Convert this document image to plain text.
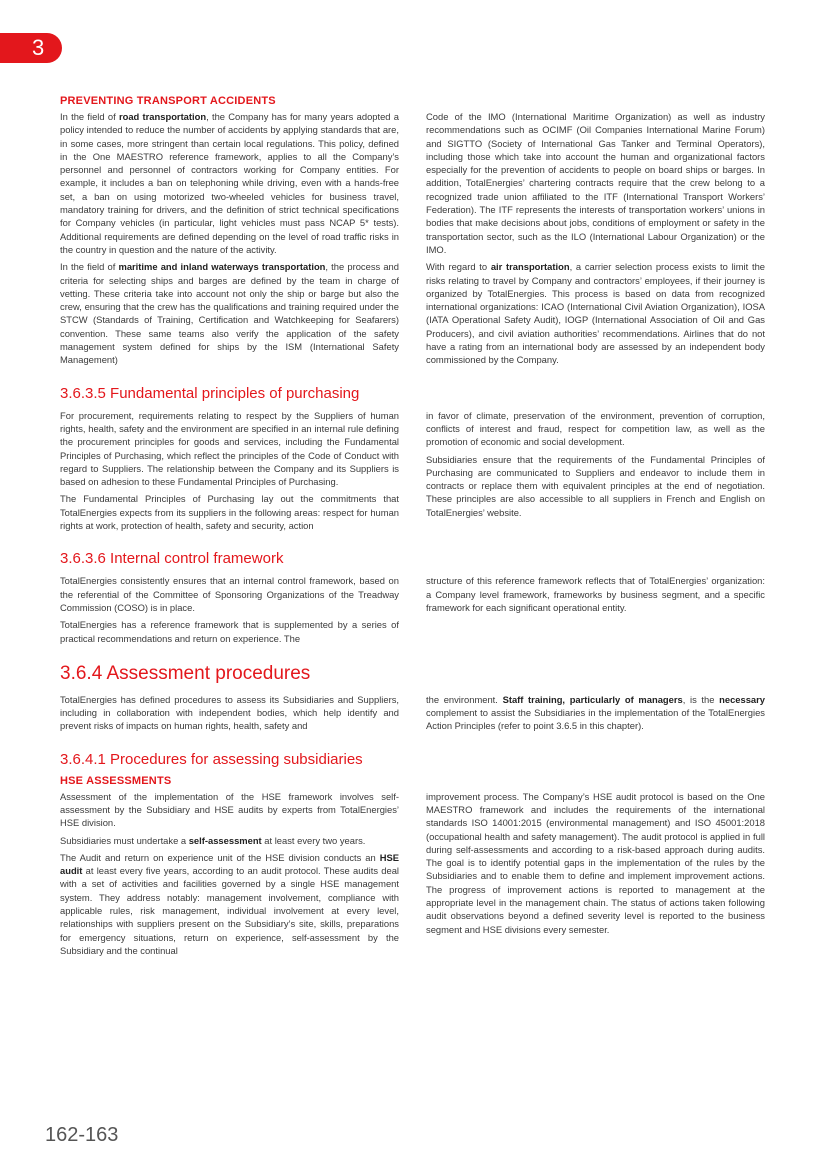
3
PREVENTING TRANSPORT ACCIDENTS

In the field of road transportation, the Company has for many years adopted a policy intended to reduce the number of accidents by applying standards that are, in some cases, more stringent than certain local regulations. This policy, defined in the One MAESTRO reference framework, applies to all the Company’s personnel and personnel of contractors working for Company entities. For example, it includes a ban on telephoning while driving, even with a hands-free set, a ban on using motorized two-wheeled vehicles for business travel, mandatory training for drivers, and the definition of strict technical specifications for Company vehicles (in particular, light vehicles must pass NCAP 5* tests). Additional requirements are defined depending on the level of road traffic risks in the country in question and the nature of the activity.

In the field of maritime and inland waterways transportation, the process and criteria for selecting ships and barges are defined by the team in charge of vetting. These criteria take into account not only the ship or barge but also the crew, ensuring that the crew has the qualifications and training required under the STCW (Standards of Training, Certification and Watchkeeping for Seafarers) convention. These same teams also verify the application of the safety management system defined for ships by the ISM (International Safety Management)

Code of the IMO (International Maritime Organization) as well as industry recommendations such as OCIMF (Oil Companies International Marine Forum) and SIGTTO (Society of International Gas Tanker and Terminal Operators), including those which take into account the human and organizational factors especially for the prevention of accidents to people on board ships or barges. In addition, TotalEnergies’ chartering contracts require that the crew belong to a recognized trade union affiliated to the ITF (International Transport Workers’ Federation). The ITF represents the interests of transportation workers’ unions in bodies that make decisions about jobs, conditions of employment or safety in the transportation sector, such as the ILO (International Labour Organization) or the IMO.

With regard to air transportation, a carrier selection process exists to limit the risks relating to travel by Company and contractors’ employees, if their journey is organized by TotalEnergies. This process is based on data from recognized international organizations: ICAO (International Civil Aviation Organization), IOSA (IATA Operational Safety Audit), IOGP (International Association of Oil and Gas Producers), and civil aviation authorities’ recommendations. Airlines that do not have a rating from an international body are assessed by an independent body commissioned by the Company.

3.6.3.5 Fundamental principles of purchasing

For procurement, requirements relating to respect by the Suppliers of human rights, health, safety and the environment are specified in an internal rule defining the procurement principles for goods and services, including the Fundamental Principles of Purchasing, which reflect the principles of the Code of Conduct with regard to Suppliers. The relationship between the Company and its Suppliers is based on adhesion to these Fundamental Principles of Purchasing.

The Fundamental Principles of Purchasing lay out the commitments that TotalEnergies expects from its suppliers in the following areas: respect for human rights at work, protection of health, safety and security, action

in favor of climate, preservation of the environment, prevention of corruption, conflicts of interest and fraud, respect for competition law, as well as the promotion of economic and social development.

Subsidiaries ensure that the requirements of the Fundamental Principles of Purchasing are communicated to Suppliers and endeavor to include them in contracts or replace them with equivalent principles at the end of negotiation. These principles are also accessible to all suppliers in French and English on TotalEnergies’ website.

3.6.3.6 Internal control framework

TotalEnergies consistently ensures that an internal control framework, based on the referential of the Committee of Sponsoring Organizations of the Treadway Commission (COSO) is in place.

TotalEnergies has a reference framework that is supplemented by a series of practical recommendations and return on experience. The

structure of this reference framework reflects that of TotalEnergies’ organization: a Company level framework, frameworks by business segment, and a specific framework for each significant operational entity.

3.6.4 Assessment procedures

TotalEnergies has defined procedures to assess its Subsidiaries and Suppliers, including in collaboration with independent bodies, which help identify and prevent risks of impacts on human rights, health, safety and

the environment. Staff training, particularly of managers, is the necessary complement to assist the Subsidiaries in the implementation of the TotalEnergies Action Principles (refer to point 3.6.5 in this chapter).

3.6.4.1 Procedures for assessing subsidiaries
HSE ASSESSMENTS

Assessment of the implementation of the HSE framework involves self-assessment by the Subsidiary and HSE audits by experts from TotalEnergies’ HSE division.

Subsidiaries must undertake a self-assessment at least every two years.

The Audit and return on experience unit of the HSE division conducts an HSE audit at least every five years, according to an audit protocol. These audits deal with a set of activities and facilities governed by a single HSE management system. They address notably: management involvement, compliance with applicable rules, risk management, individual involvement at every level, relationships with suppliers present on the Subsidiary’s site, skills, preparations for emergency situations, return on experience, self-assessment by the Subsidiary and the continual

improvement process. The Company’s HSE audit protocol is based on the One MAESTRO framework and includes the requirements of the international standards ISO 14001:2015 (environmental management) and ISO 45001:2018 (occupational health and safety management). The audit protocol is applied in full during self-assessments and according to a risk-based approach during audits. The goal is to identify potential gaps in the implementation of the rules by the Subsidiaries and to enable them to define and implement improvement actions. The progress of improvement actions is reported to management at the appropriate level in the management chain. The status of actions taken following audit observations beyond a defined severity level is reported to the business segment and HSE divisions every semester.

162-163
